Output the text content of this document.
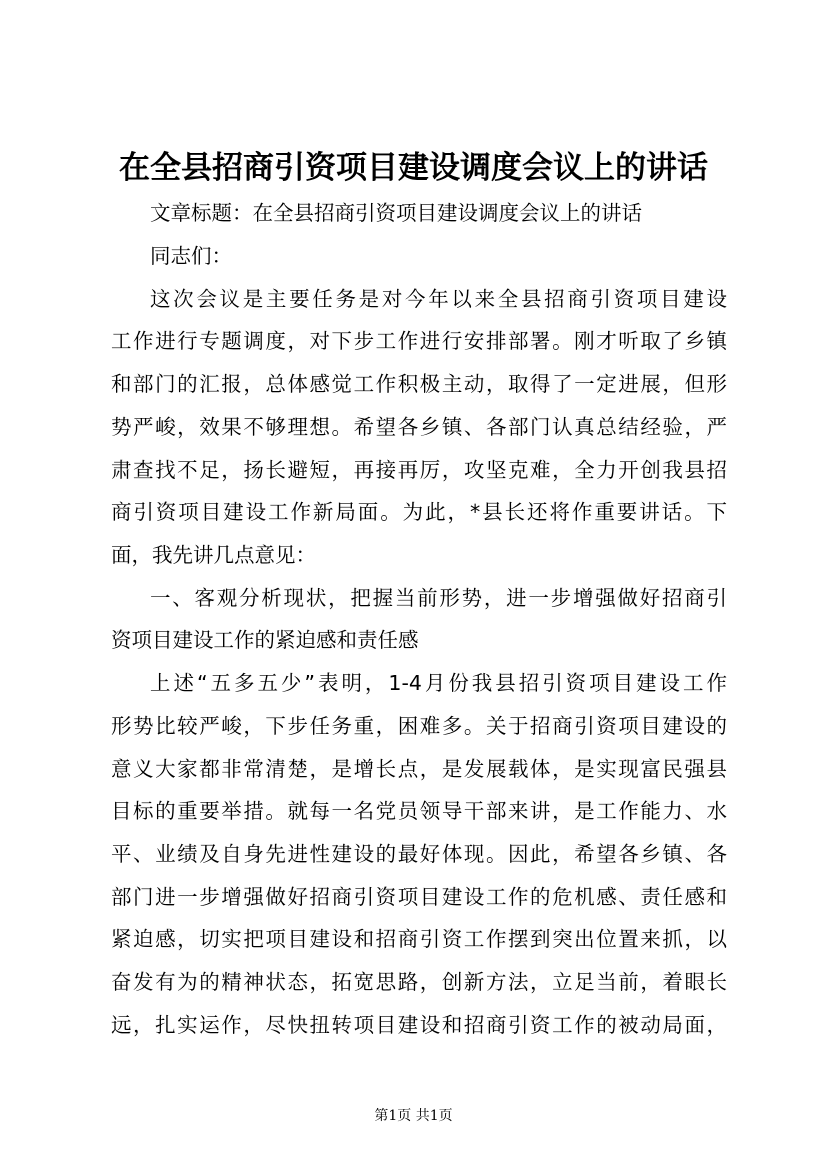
在全县招商引资项目建设调度会议上的讲话
文章标题：在全县招商引资项目建设调度会议上的讲话
同志们：
这次会议是主要任务是对今年以来全县招商引资项目建设
工作进行专题调度，对下步工作进行安排部署。刚才听取了乡镇
和部门的汇报，总体感觉工作积极主动，取得了一定进展，但形
势严峻，效果不够理想。希望各乡镇、各部门认真总结经验，严
肃查找不足，扬长避短，再接再厉，攻坚克难，全力开创我县招
商引资项目建设工作新局面。为此，*县长还将作重要讲话。下
面，我先讲几点意见：
一、客观分析现状，把握当前形势，进一步增强做好招商引
资项目建设工作的紧迫感和责任感
上述“五多五少”表明，1-4月份我县招引资项目建设工作
形势比较严峻，下步任务重，困难多。关于招商引资项目建设的
意义大家都非常清楚，是增长点，是发展载体，是实现富民强县
目标的重要举措。就每一名党员领导干部来讲，是工作能力、水
平、业绩及自身先进性建设的最好体现。因此，希望各乡镇、各
部门进一步增强做好招商引资项目建设工作的危机感、责任感和
紧迫感，切实把项目建设和招商引资工作摆到突出位置来抓，以
奋发有为的精神状态，拓宽思路，创新方法，立足当前，着眼长
远，扎实运作，尽快扭转项目建设和招商引资工作的被动局面，
第1页 共1页
